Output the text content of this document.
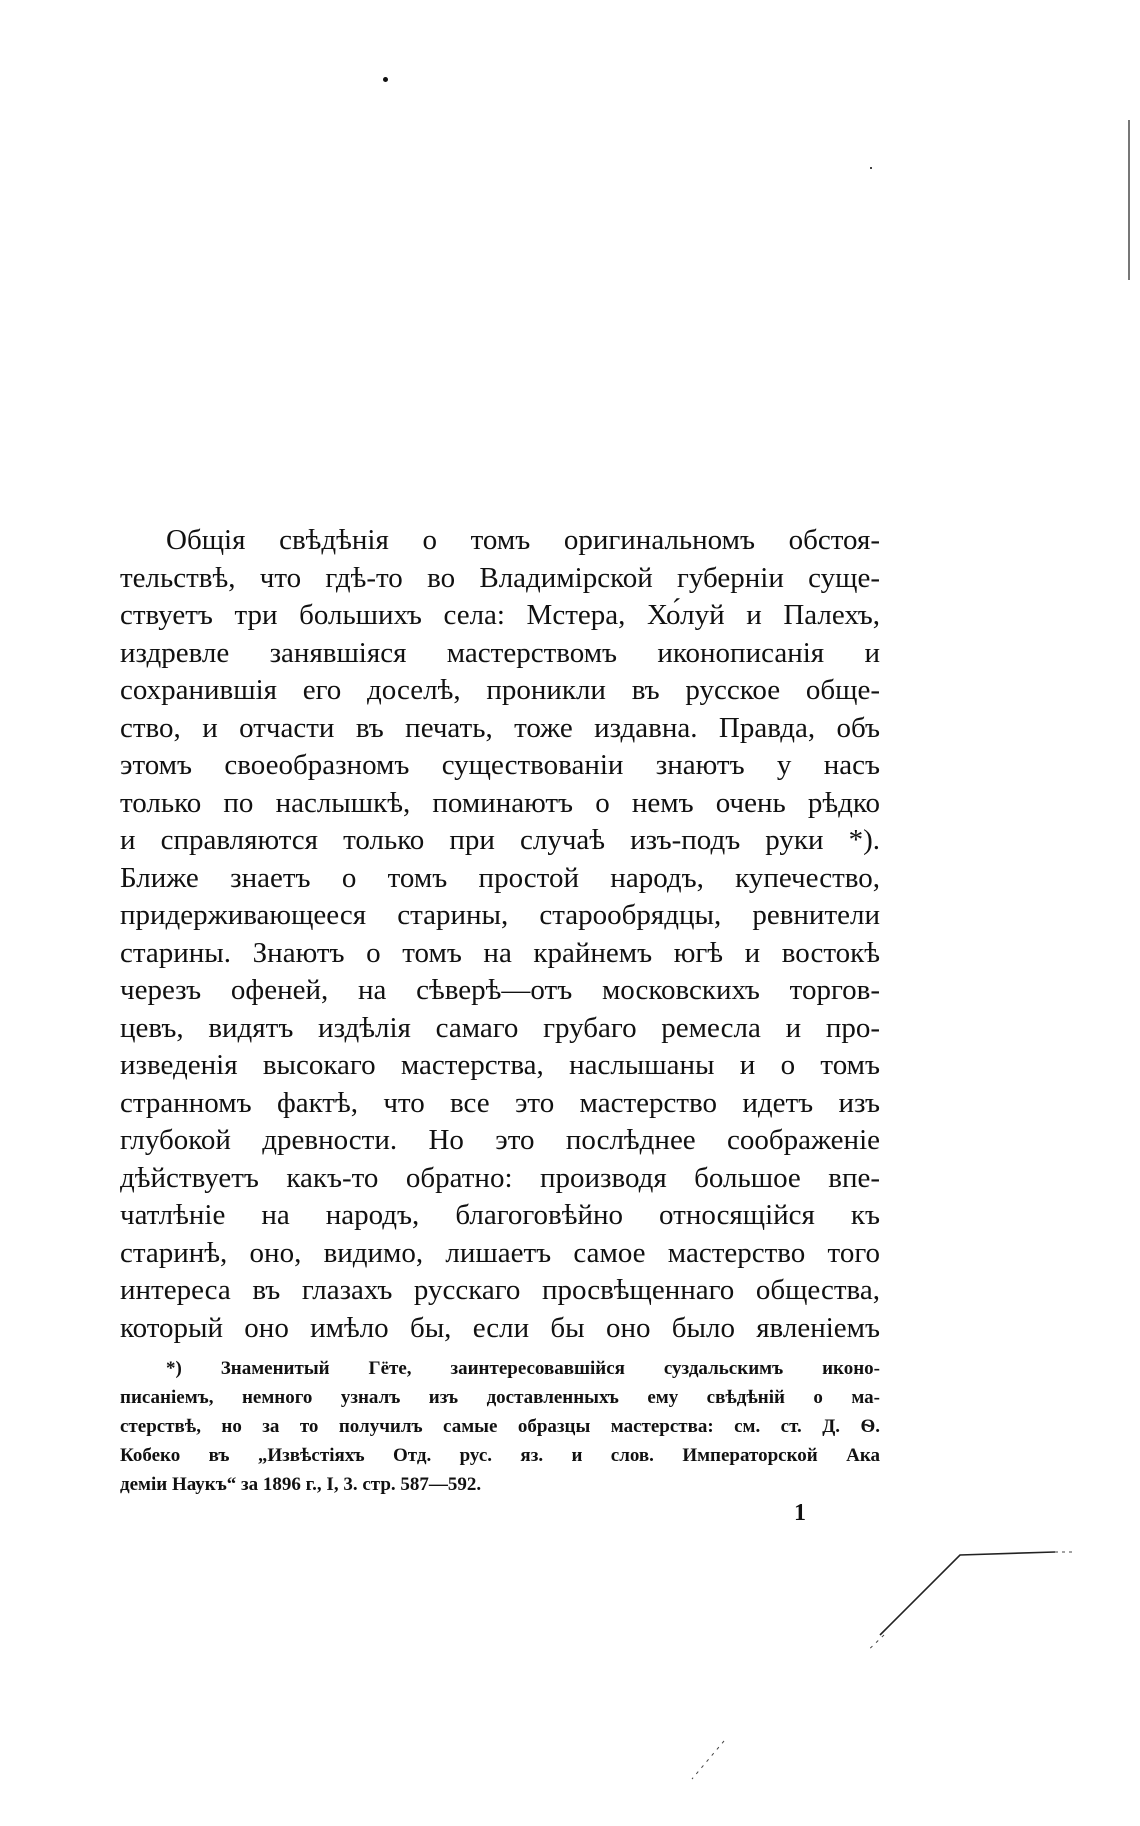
Общія свѣдѣнія о томъ оригинальномъ обстоя-
тельствѣ, что гдѣ-то во Владимірской губерніи суще-
ствуетъ три большихъ села: Мстера, Хо́луй и Палехъ,
издревле занявшіяся мастерствомъ иконописанія и
сохранившія его доселѣ, проникли въ русское обще-
ство, и отчасти въ печать, тоже издавна. Правда, объ
этомъ своеобразномъ существованіи знаютъ у насъ
только по наслышкѣ, поминаютъ о немъ очень рѣдко
и справляются только при случаѣ изъ-подъ руки *).
Ближе знаетъ о томъ простой народъ, купечество,
придерживающееся старины, старообрядцы, ревнители
старины. Знаютъ о томъ на крайнемъ югѣ и востокѣ
черезъ офеней, на сѣверѣ—отъ московскихъ торгов-
цевъ, видятъ издѣлія самаго грубаго ремесла и про-
изведенія высокаго мастерства, наслышаны и о томъ
странномъ фактѣ, что все это мастерство идетъ изъ
глубокой древности. Но это послѣднее соображеніе
дѣйствуетъ какъ-то обратно: производя большое впе-
чатлѣніе на народъ, благоговѣйно относящійся къ
старинѣ, оно, видимо, лишаетъ самое мастерство того
интереса въ глазахъ русскаго просвѣщеннаго общества,
который оно имѣло бы, если бы оно было явленіемъ
*) Знаменитый Гёте, заинтересовавшійся суздальскимъ иконо-
писаніемъ, немного узналъ изъ доставленныхъ ему свѣдѣній о ма-
стерствѣ, но за то получилъ самые образцы мастерства: см. ст. Д. Ѳ.
Кобеко въ „Извѣстіяхъ Отд. рус. яз. и слов. Императорской Ака
деміи Наукъ“ за 1896 г., I, 3. стр. 587—592.
1
